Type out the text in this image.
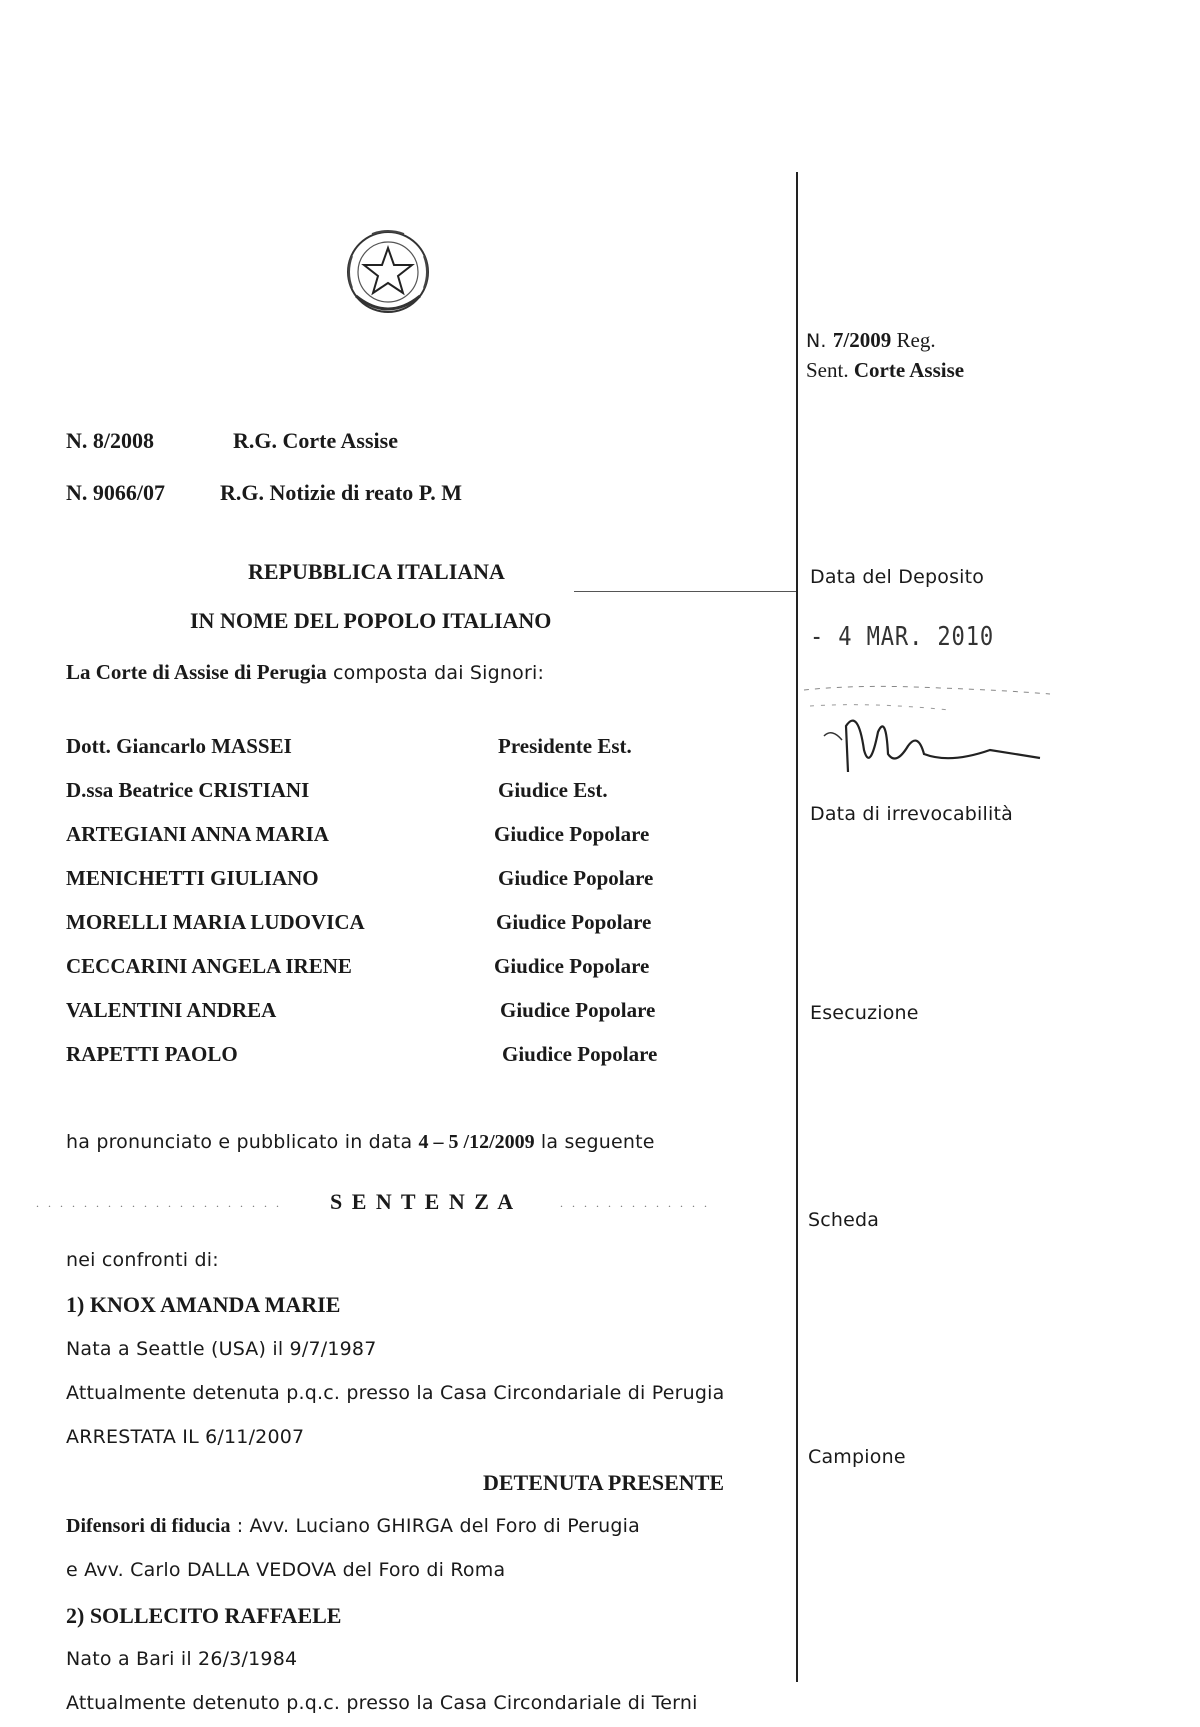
N. 8/2008	R.G. Corte Assise
N. 9066/07	R.G. Notizie di reato P. M
REPUBBLICA ITALIANA
IN NOME DEL POPOLO ITALIANO
La Corte di Assise di Perugia composta dai Signori:
Dott. Giancarlo MASSEI	Presidente Est.
D.ssa Beatrice CRISTIANI	Giudice Est.
ARTEGIANI ANNA MARIA	Giudice Popolare
MENICHETTI GIULIANO	Giudice Popolare
MORELLI MARIA LUDOVICA	Giudice Popolare
CECCARINI ANGELA IRENE	Giudice Popolare
VALENTINI ANDREA	Giudice Popolare
RAPETTI PAOLO	Giudice Popolare
ha pronunciato e pubblicato in data 4 – 5 /12/2009 la seguente
. . . . . . . . . . . . . . . . . . . . . S E N T E N Z A	. . . . . . . . . . . . .
nei confronti di:
1) KNOX AMANDA MARIE
Nata a Seattle (USA) il 9/7/1987
Attualmente detenuta p.q.c. presso la Casa Circondariale di Perugia
ARRESTATA IL 6/11/2007
DETENUTA PRESENTE
Difensori di fiducia : Avv. Luciano GHIRGA del Foro di Perugia
e Avv. Carlo DALLA VEDOVA del Foro di Roma
2) SOLLECITO RAFFAELE
Nato a Bari il 26/3/1984
Attualmente detenuto p.q.c. presso la Casa Circondariale di Terni
N. 7/2009 Reg.
Sent. Corte Assise
Data del Deposito
- 4 MAR. 2010
Data di irrevocabilità
Esecuzione
Scheda
Campione
